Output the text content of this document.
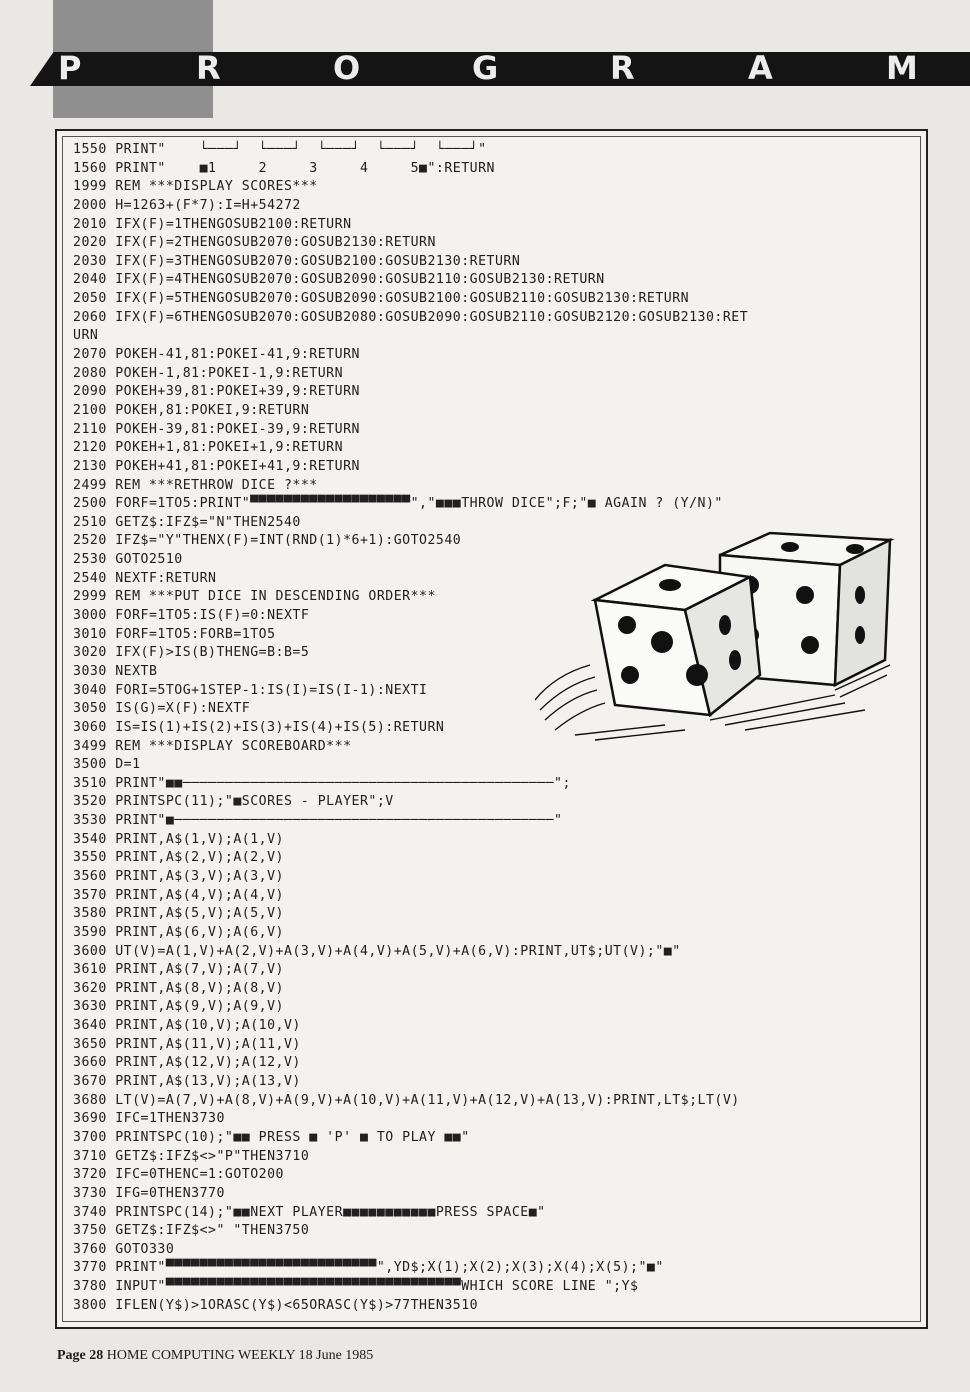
P	R	O	G	R	A	M
1550 PRINT"    └───┘  └───┘  └───┘  └───┘  └───┘"
1560 PRINT"    ■1     2     3     4     5■":RETURN
1999 REM ***DISPLAY SCORES***
2000 H=1263+(F*7):I=H+54272
2010 IFX(F)=1THENGOSUB2100:RETURN
2020 IFX(F)=2THENGOSUB2070:GOSUB2130:RETURN
2030 IFX(F)=3THENGOSUB2070:GOSUB2100:GOSUB2130:RETURN
2040 IFX(F)=4THENGOSUB2070:GOSUB2090:GOSUB2110:GOSUB2130:RETURN
2050 IFX(F)=5THENGOSUB2070:GOSUB2090:GOSUB2100:GOSUB2110:GOSUB2130:RETURN
2060 IFX(F)=6THENGOSUB2070:GOSUB2080:GOSUB2090:GOSUB2110:GOSUB2120:GOSUB2130:RET
URN
2070 POKEH-41,81:POKEI-41,9:RETURN
2080 POKEH-1,81:POKEI-1,9:RETURN
2090 POKEH+39,81:POKEI+39,9:RETURN
2100 POKEH,81:POKEI,9:RETURN
2110 POKEH-39,81:POKEI-39,9:RETURN
2120 POKEH+1,81:POKEI+1,9:RETURN
2130 POKEH+41,81:POKEI+41,9:RETURN
2499 REM ***RETHROW DICE ?***
2500 FORF=1TO5:PRINT"▀▀▀▀▀▀▀▀▀▀▀▀▀▀▀▀▀▀▀","■■■THROW DICE";F;"■ AGAIN ? (Y/N)"
2510 GETZ$:IFZ$="N"THEN2540
2520 IFZ$="Y"THENX(F)=INT(RND(1)*6+1):GOTO2540
2530 GOTO2510
2540 NEXTF:RETURN
2999 REM ***PUT DICE IN DESCENDING ORDER***
3000 FORF=1TO5:IS(F)=0:NEXTF
3010 FORF=1TO5:FORB=1TO5
3020 IFX(F)>IS(B)THENG=B:B=5
3030 NEXTB
3040 FORI=5TOG+1STEP-1:IS(I)=IS(I-1):NEXTI
3050 IS(G)=X(F):NEXTF
3060 IS=IS(1)+IS(2)+IS(3)+IS(4)+IS(5):RETURN
3499 REM ***DISPLAY SCOREBOARD***
3500 D=1
3510 PRINT"■■────────────────────────────────────────────";
3520 PRINTSPC(11);"■SCORES - PLAYER";V
3530 PRINT"■─────────────────────────────────────────────"
3540 PRINT,A$(1,V);A(1,V)
3550 PRINT,A$(2,V);A(2,V)
3560 PRINT,A$(3,V);A(3,V)
3570 PRINT,A$(4,V);A(4,V)
3580 PRINT,A$(5,V);A(5,V)
3590 PRINT,A$(6,V);A(6,V)
3600 UT(V)=A(1,V)+A(2,V)+A(3,V)+A(4,V)+A(5,V)+A(6,V):PRINT,UT$;UT(V);"■"
3610 PRINT,A$(7,V);A(7,V)
3620 PRINT,A$(8,V);A(8,V)
3630 PRINT,A$(9,V);A(9,V)
3640 PRINT,A$(10,V);A(10,V)
3650 PRINT,A$(11,V);A(11,V)
3660 PRINT,A$(12,V);A(12,V)
3670 PRINT,A$(13,V);A(13,V)
3680 LT(V)=A(7,V)+A(8,V)+A(9,V)+A(10,V)+A(11,V)+A(12,V)+A(13,V):PRINT,LT$;LT(V)
3690 IFC=1THEN3730
3700 PRINTSPC(10);"■■ PRESS ■ 'P' ■ TO PLAY ■■"
3710 GETZ$:IFZ$<>"P"THEN3710
3720 IFC=0THENC=1:GOTO200
3730 IFG=0THEN3770
3740 PRINTSPC(14);"■■NEXT PLAYER■■■■■■■■■■■PRESS SPACE■"
3750 GETZ$:IFZ$<>" "THEN3750
3760 GOTO330
3770 PRINT"▀▀▀▀▀▀▀▀▀▀▀▀▀▀▀▀▀▀▀▀▀▀▀▀▀",YD$;X(1);X(2);X(3);X(4);X(5);"■"
3780 INPUT"▀▀▀▀▀▀▀▀▀▀▀▀▀▀▀▀▀▀▀▀▀▀▀▀▀▀▀▀▀▀▀▀▀▀▀WHICH SCORE LINE ";Y$
3800 IFLEN(Y$)>1ORASC(Y$)<65ORASC(Y$)>77THEN3510
Page 28 HOME COMPUTING WEEKLY 18 June 1985
